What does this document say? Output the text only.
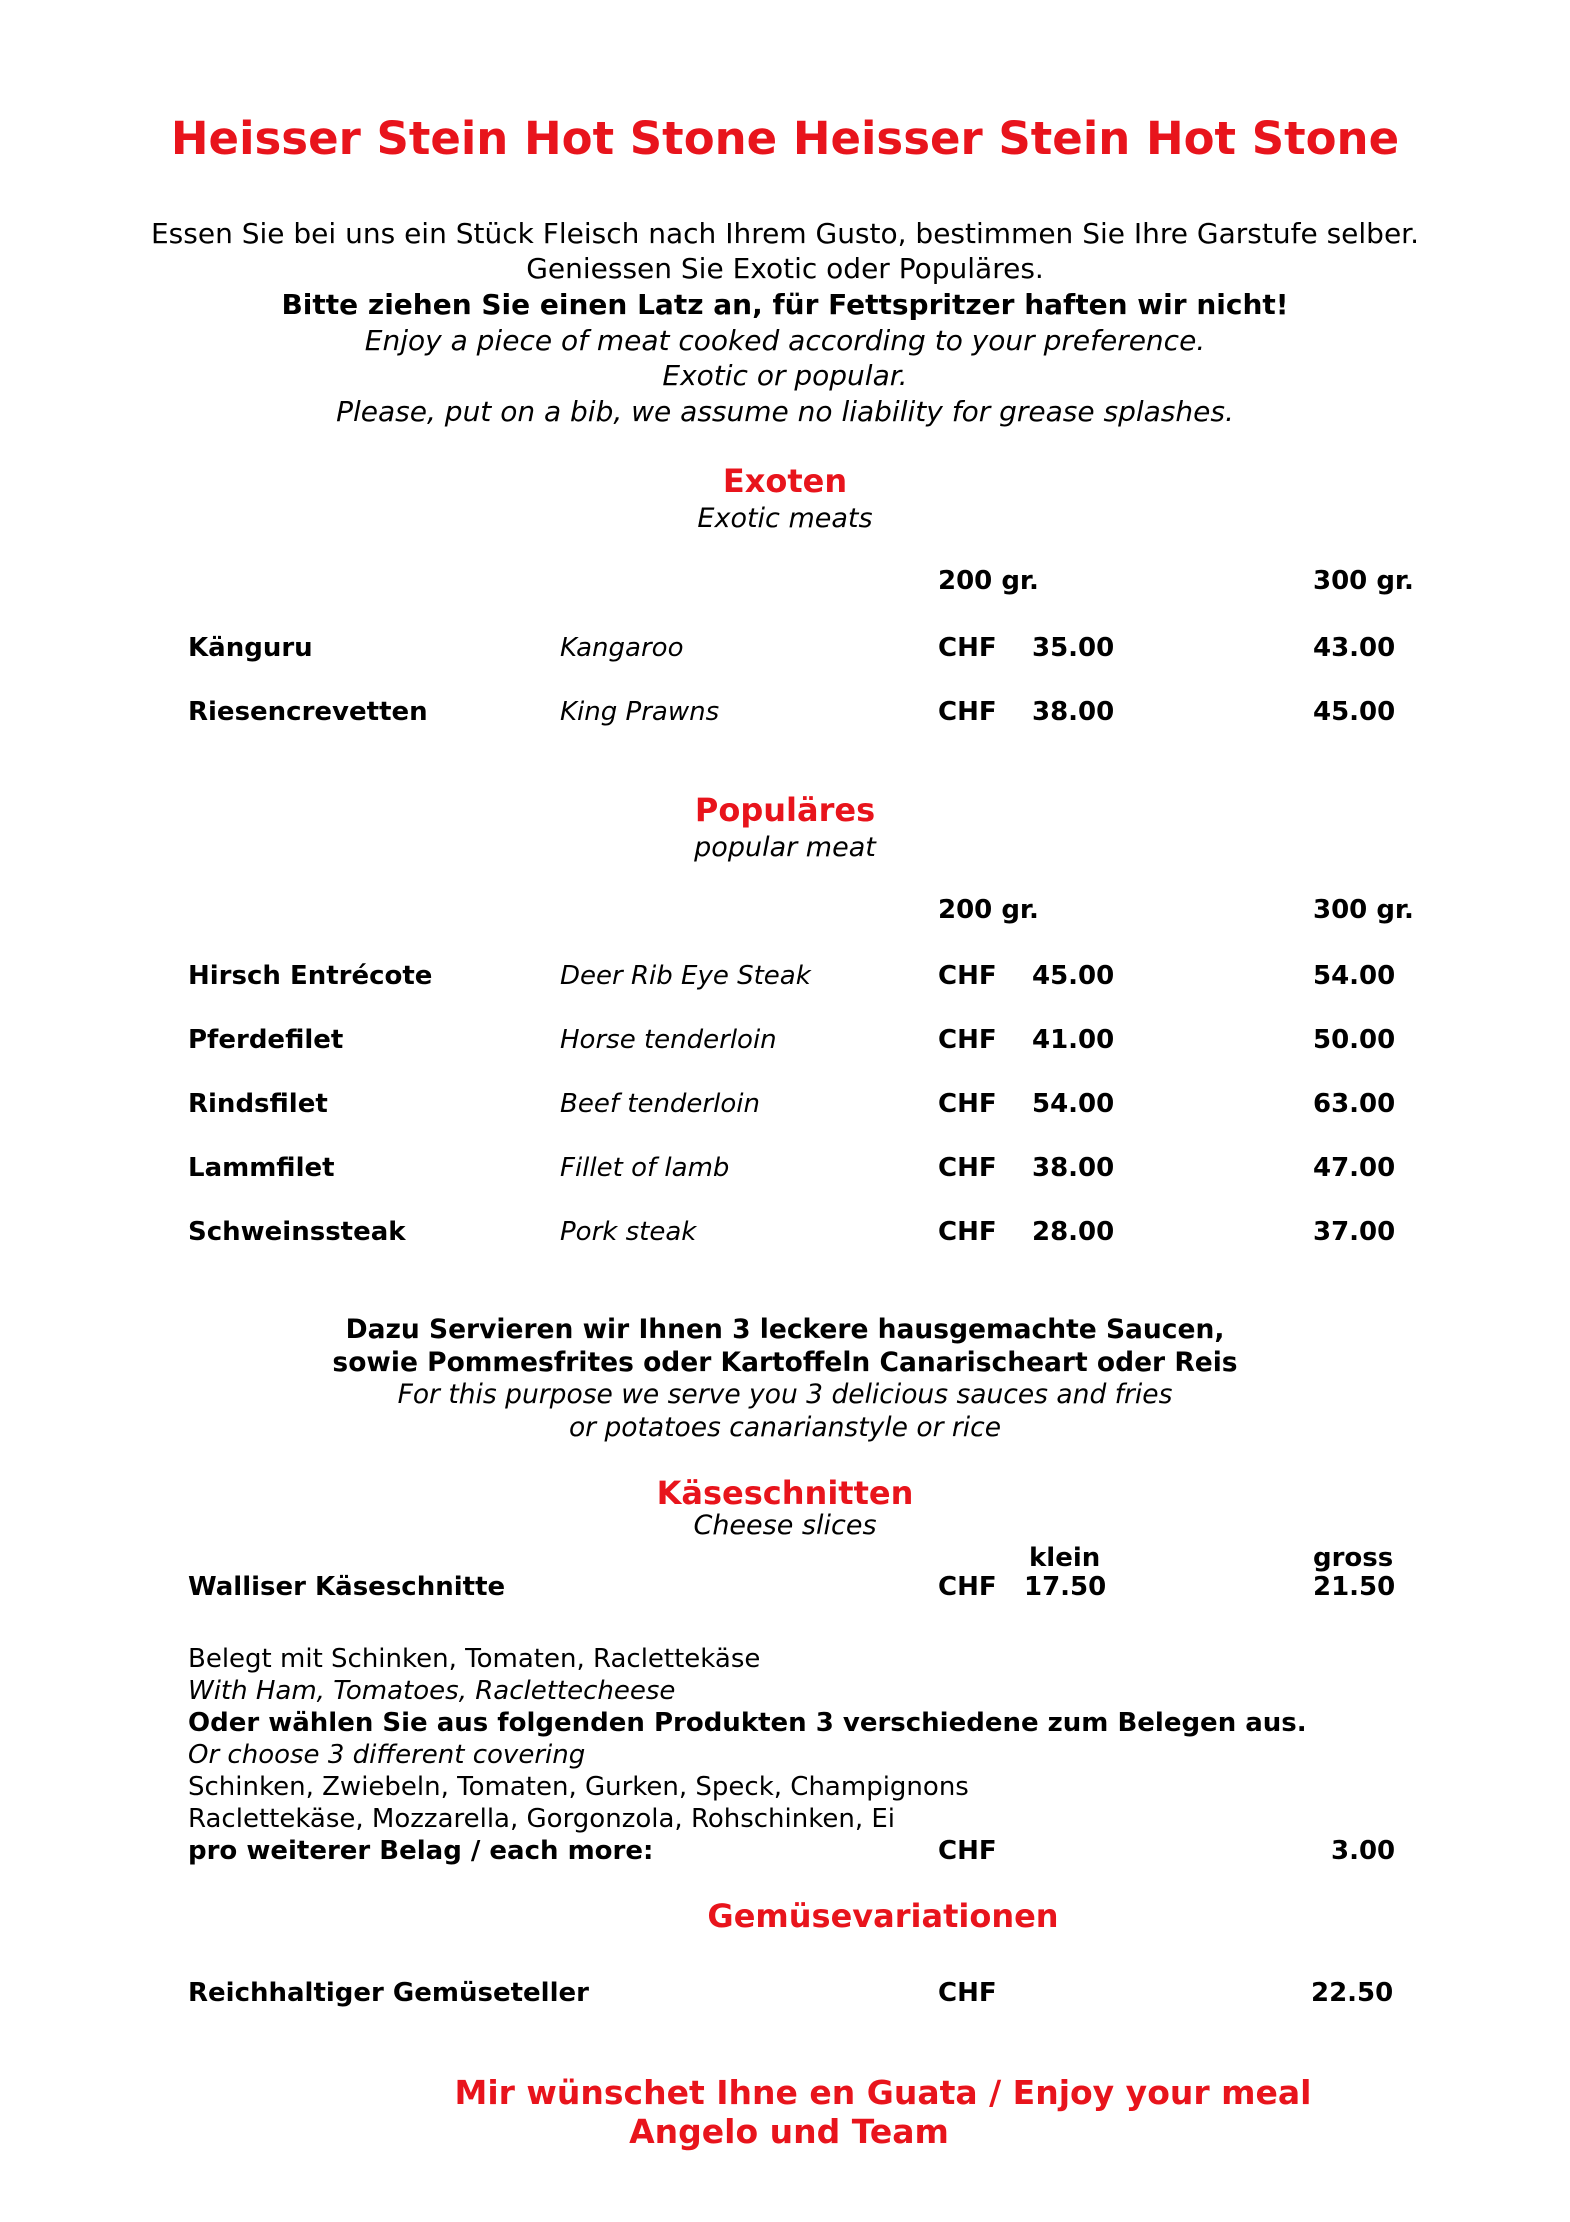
Heisser Stein Hot Stone Heisser Stein Hot Stone
Essen Sie bei uns ein Stück Fleisch nach Ihrem Gusto, bestimmen Sie Ihre Garstufe selber.
Geniessen Sie Exotic oder Populäres.
Bitte ziehen Sie einen Latz an, für Fettspritzer haften wir nicht!
Enjoy a piece of meat cooked according to your preference.
Exotic or popular.
Please, put on a bib, we assume no liability for grease splashes.
Exoten
Exotic meats
200 gr.	300 gr.
Känguru	Kangaroo	CHF 35.00	43.00
Riesencrevetten	King Prawns	CHF 38.00	45.00
Populäres
popular meat
200 gr.	300 gr.
Hirsch Entrécote	Deer Rib Eye Steak	CHF 45.00	54.00
Pferdefilet	Horse tenderloin	CHF 41.00	50.00
Rindsfilet	Beef tenderloin	CHF 54.00	63.00
Lammfilet	Fillet of lamb	CHF 38.00	47.00
Schweinssteak	Pork steak	CHF 28.00	37.00
Dazu Servieren wir Ihnen 3 leckere hausgemachte Saucen,
sowie Pommesfrites oder Kartoffeln Canarischeart oder Reis
For this purpose we serve you 3 delicious sauces and fries
or potatoes canarianstyle or rice
Käseschnitten
Cheese slices
klein	gross
Walliser Käseschnitte	CHF 17.50	21.50
Belegt mit Schinken, Tomaten, Raclettekäse
With Ham, Tomatoes, Raclettecheese
Oder wählen Sie aus folgenden Produkten 3 verschiedene zum Belegen aus.
Or choose 3 different covering
Schinken, Zwiebeln, Tomaten, Gurken, Speck, Champignons
Raclettekäse, Mozzarella, Gorgonzola, Rohschinken, Ei
pro weiterer Belag / each more:	CHF	3.00
Gemüsevariationen
Reichhaltiger Gemüseteller	CHF	22.50
Mir wünschet Ihne en Guata / Enjoy your meal
Angelo und Team
